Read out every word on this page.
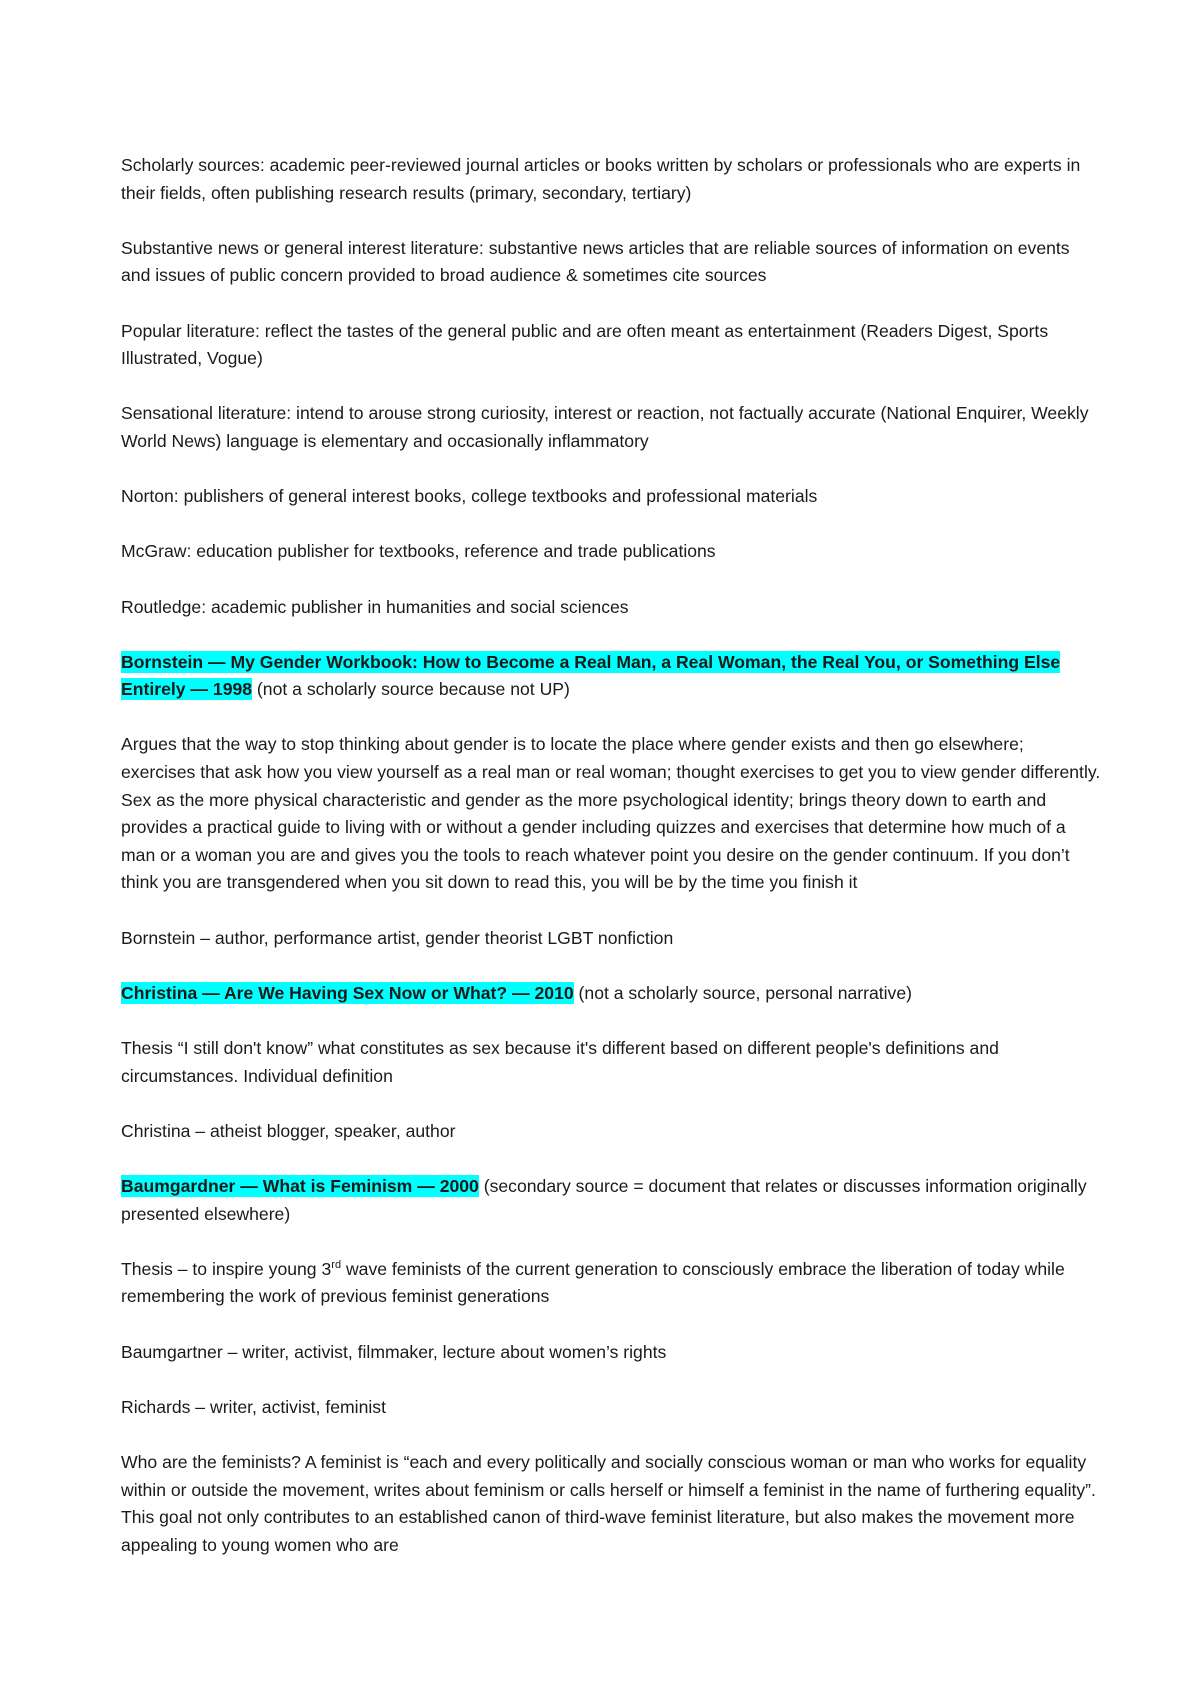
Scholarly sources: academic peer-reviewed journal articles or books written by scholars or professionals who are experts in their fields, often publishing research results (primary, secondary, tertiary)

Substantive news or general interest literature: substantive news articles that are reliable sources of information on events and issues of public concern provided to broad audience & sometimes cite sources

Popular literature: reflect the tastes of the general public and are often meant as entertainment (Readers Digest, Sports Illustrated, Vogue)

Sensational literature: intend to arouse strong curiosity, interest or reaction, not factually accurate (National Enquirer, Weekly World News) language is elementary and occasionally inflammatory

Norton: publishers of general interest books, college textbooks and professional materials

McGraw: education publisher for textbooks, reference and trade publications

Routledge: academic publisher in humanities and social sciences

Bornstein — My Gender Workbook: How to Become a Real Man, a Real Woman, the Real You, or Something Else Entirely — 1998 (not a scholarly source because not UP)

Argues that the way to stop thinking about gender is to locate the place where gender exists and then go elsewhere; exercises that ask how you view yourself as a real man or real woman; thought exercises to get you to view gender differently. Sex as the more physical characteristic and gender as the more psychological identity; brings theory down to earth and provides a practical guide to living with or without a gender including quizzes and exercises that determine how much of a man or a woman you are and gives you the tools to reach whatever point you desire on the gender continuum. If you don’t think you are transgendered when you sit down to read this, you will be by the time you finish it

Bornstein – author, performance artist, gender theorist LGBT nonfiction

Christina — Are We Having Sex Now or What? — 2010 (not a scholarly source, personal narrative)

Thesis “I still don't know” what constitutes as sex because it's different based on different people's definitions and circumstances. Individual definition

Christina – atheist blogger, speaker, author

Baumgardner — What is Feminism — 2000 (secondary source = document that relates or discusses information originally presented elsewhere)

Thesis – to inspire young 3rd wave feminists of the current generation to consciously embrace the liberation of today while remembering the work of previous feminist generations

Baumgartner – writer, activist, filmmaker, lecture about women’s rights

Richards – writer, activist, feminist

Who are the feminists? A feminist is “each and every politically and socially conscious woman or man who works for equality within or outside the movement, writes about feminism or calls herself or himself a feminist in the name of furthering equality”. This goal not only contributes to an established canon of third-wave feminist literature, but also makes the movement more appealing to young women who are
